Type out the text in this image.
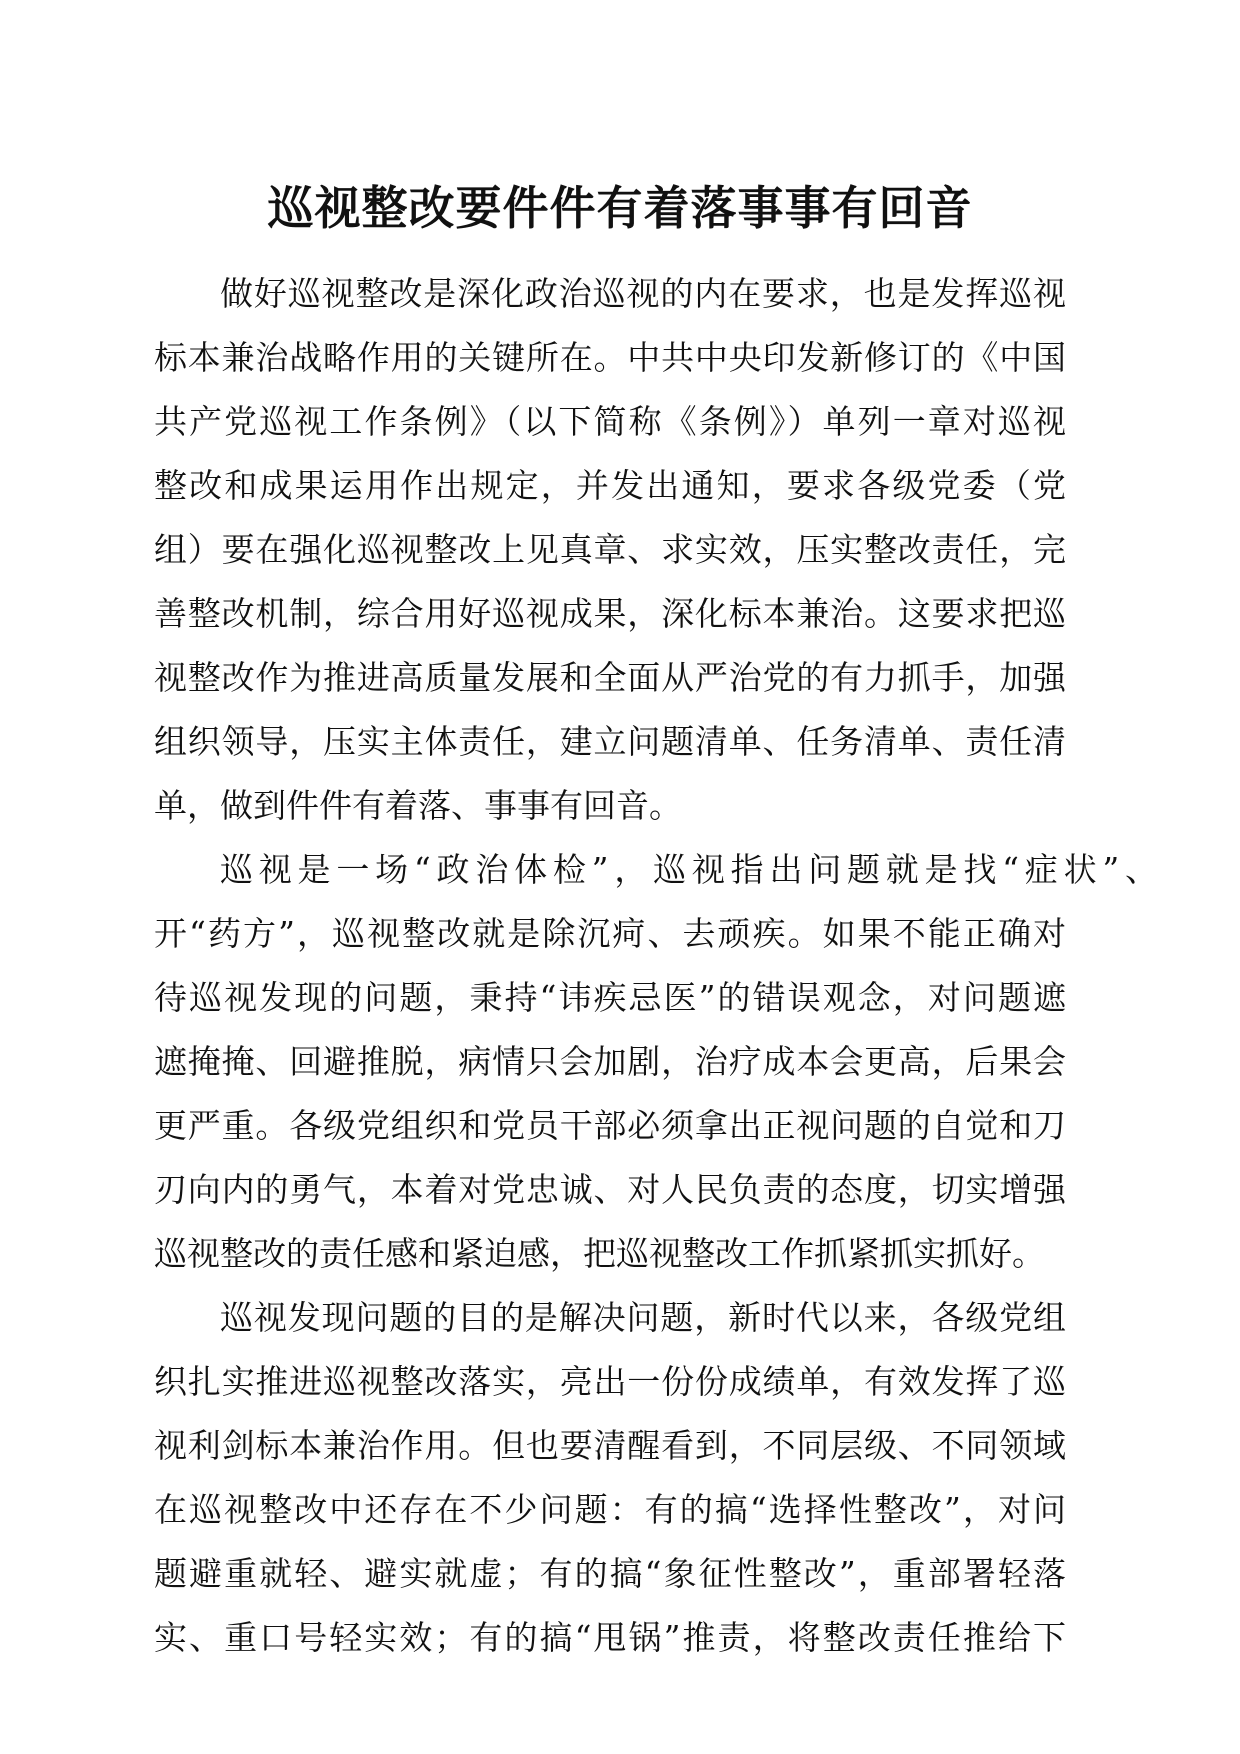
巡视整改要件件有着落事事有回音
做好巡视整改是深化政治巡视的内在要求，也是发挥巡视
标本兼治战略作用的关键所在。中共中央印发新修订的《中国
共产党巡视工作条例》（以下简称《条例》）单列一章对巡视
整改和成果运用作出规定，并发出通知，要求各级党委（党
组）要在强化巡视整改上见真章、求实效，压实整改责任，完
善整改机制，综合用好巡视成果，深化标本兼治。这要求把巡
视整改作为推进高质量发展和全面从严治党的有力抓手，加强
组织领导，压实主体责任，建立问题清单、任务清单、责任清
单，做到件件有着落、事事有回音。
巡视是一场“政治体检”，巡视指出问题就是找“症状”、
开“药方”，巡视整改就是除沉疴、去顽疾。如果不能正确对
待巡视发现的问题，秉持“讳疾忌医”的错误观念，对问题遮
遮掩掩、回避推脱，病情只会加剧，治疗成本会更高，后果会
更严重。各级党组织和党员干部必须拿出正视问题的自觉和刀
刃向内的勇气，本着对党忠诚、对人民负责的态度，切实增强
巡视整改的责任感和紧迫感，把巡视整改工作抓紧抓实抓好。
巡视发现问题的目的是解决问题，新时代以来，各级党组
织扎实推进巡视整改落实，亮出一份份成绩单，有效发挥了巡
视利剑标本兼治作用。但也要清醒看到，不同层级、不同领域
在巡视整改中还存在不少问题：有的搞“选择性整改”，对问
题避重就轻、避实就虚；有的搞“象征性整改”，重部署轻落
实、重口号轻实效；有的搞“甩锅”推责，将整改责任推给下
